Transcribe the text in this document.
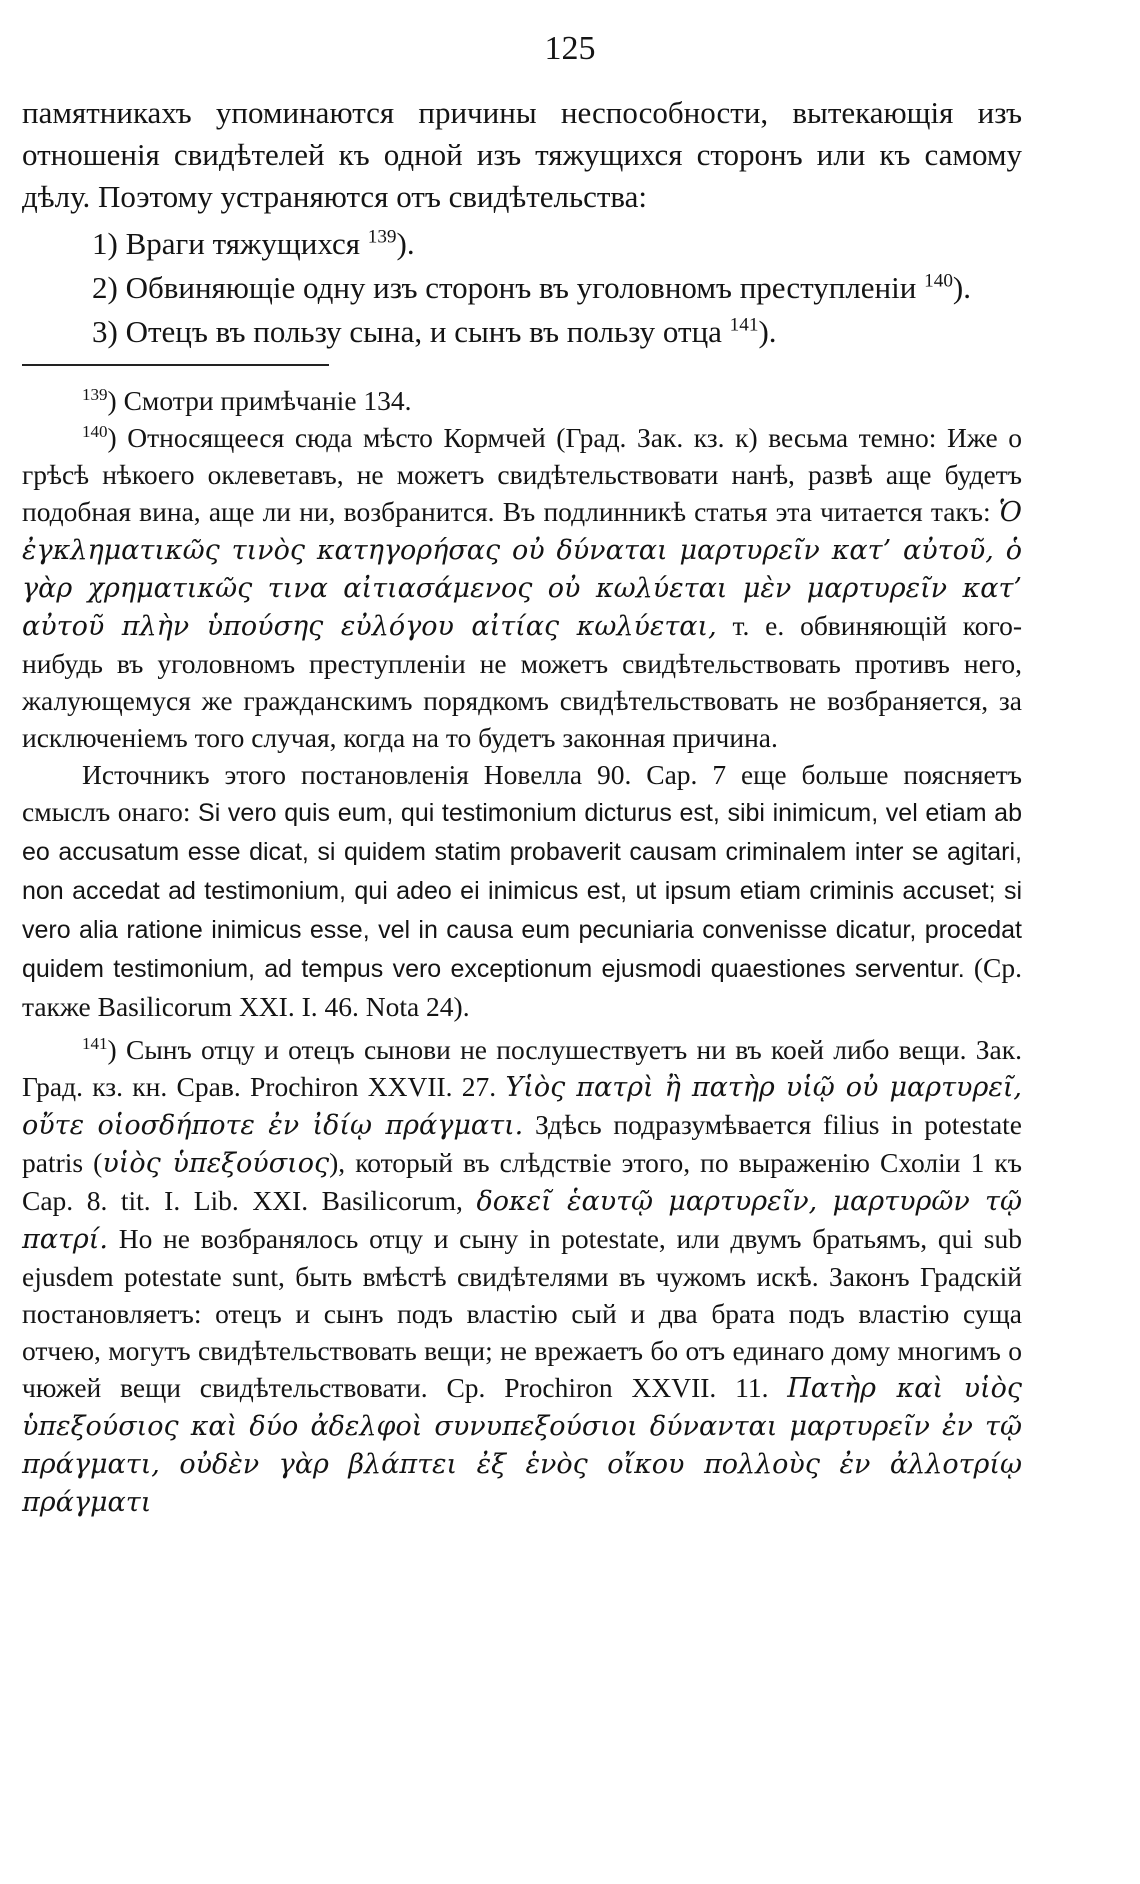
125

памятникахъ упоминаются причины неспособности, вытекающія изъ отношенія свидѣтелей къ одной изъ тяжущихся сторонъ или къ самому дѣлу. Поэтому устраняются отъ свидѣтельства:

1) Враги тяжущихся $^{139}$).

2) Обвиняющіе одну изъ сторонъ въ уголовномъ преступленіи $^{140}$).

3) Отецъ въ пользу сына, и сынъ въ пользу отца $^{141}$).

$^{139}$) Смотри примѣчаніе 134.

$^{140}$) Относящееся сюда мѣсто Кормчей (Град. Зак. кз. к) весьма темно: Иже о грѣсѣ нѣкоего оклеветавъ, не можетъ свидѣтельствовати нанѣ, развѣ аще будетъ подобная вина, аще ли ни, возбранится. Въ подлинникѣ статья эта читается такъ: Ὁ ἐγκληματικῶς τινὸς κατηγορήσας οὐ δύναται μαρτυρεῖν κατ’ αὐτοῦ, ὁ γὰρ χρηματικῶς τινα αἰτιασάμενος οὐ κωλύεται μὲν μαρτυρεῖν κατ’ αὐτοῦ πλὴν ὑπούσης εὐλόγου αἰτίας κωλύεται, т. е. обвиняющій кого-нибудь въ уголовномъ преступленіи не можетъ свидѣтельствовать противъ него, жалующемуся же гражданскимъ порядкомъ свидѣтельствовать не возбраняется, за исключеніемъ того случая, когда на то будетъ законная причина.

Источникъ этого постановленія Новелла 90. Cap. 7 еще больше поясняетъ смыслъ онаго: Si vero quis eum, qui testimonium dicturus est, sibi inimicum, vel etiam ab eo accusatum esse dicat, si quidem statim probaverit causam criminalem inter se agitari, non accedat ad testimonium, qui adeo ei inimicus est, ut ipsum etiam criminis accuset; si vero alia ratione inimicus esse, vel in causa eum pecuniaria convenisse dicatur, procedat quidem testimonium, ad tempus vero exceptionum ejusmodi quaestiones serventur. (Ср. также Basilicorum XXI. I. 46. Nota 24).

$^{141}$) Сынъ отцу и отецъ сынови не послушествуетъ ни въ коей либо вещи. Зак. Град. кз. кн. Срав. Prochiron XXVII. 27. Υἱὸς πατρὶ ἢ πατὴρ υἱῷ οὐ μαρτυρεῖ, οὔτε οἱοσδήποτε ἐν ἰδίῳ πράγματι. Здѣсь подразумѣвается filius in potestate patris (υἱὸς ὑπεξούσιος), который въ слѣдствіе этого, по выраженію Схоліи 1 къ Cap. 8. tit. I. Lib. XXI. Basilicorum, δοκεῖ ἑαυτῷ μαρτυρεῖν, μαρτυρῶν τῷ πατρί. Но не возбранялось отцу и сыну in potestate, или двумъ братьямъ, qui sub ejusdem potestate sunt, быть вмѣстѣ свидѣтелями въ чужомъ искѣ. Законъ Градскій постановляетъ: отецъ и сынъ подъ властію сый и два брата подъ властію суща отчею, могутъ свидѣтельствовать вещи; не врежаетъ бо отъ единаго дому многимъ о чюжей вещи свидѣтельствовати. Ср. Prochiron XXVII. 11. Πατὴρ καὶ υἱὸς ὑπεξούσιος καὶ δύο ἀδελφοὶ συνυπεξούσιοι δύνανται μαρτυρεῖν ἐν τῷ πράγματι, οὐδὲν γὰρ βλάπτει ἐξ ἑνὸς οἴκου πολλοὺς ἐν ἀλλοτρίῳ πράγματι
